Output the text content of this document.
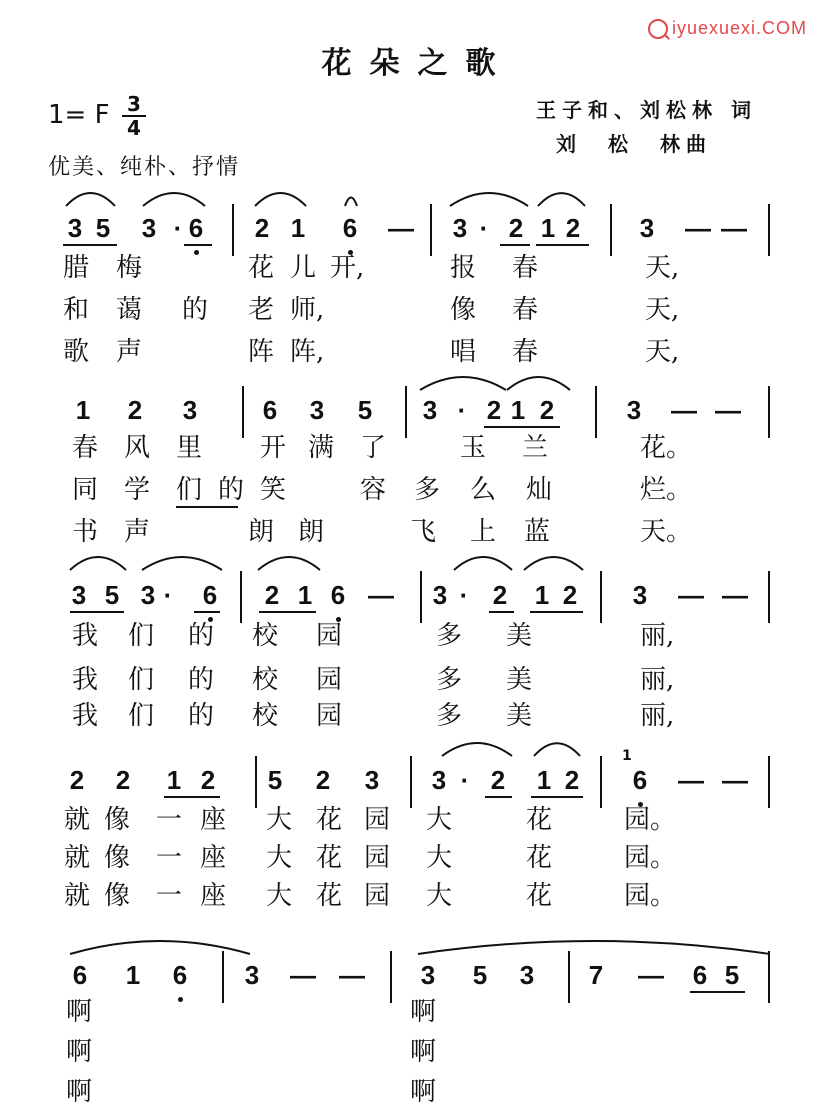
iyuexuexi.COM
花朵之歌
1= F 3
4
优美、纯朴、抒情
王子和、刘松林 词
刘　松　林曲
3 5 3 · 6 2 1 6 — 3 · 2 1 2 3 — —
腊 梅	花 儿 开,	报 春	天,
和 蔼 的 老 师,	像 春	天,
歌 声	阵 阵,	唱 春	天,
1 2 3	6 3 5 3 · 2 1 2	3 — —
春 风 里 开 满 了	玉 兰	花。
同 学 们 的 笑	容 多 么 灿	烂。
书 声	朗 朗	飞 上 蓝	天。
3 5 3 · 6 2 1 6 — 3 · 2 1 2 3 — —
我 们 的 校 园	多 美	丽,
我 们 的 校 园	多 美	丽,
我 们 的 校 园	多 美	丽,
2 2 1 2 5 2 3 3 · 2 1 2 6 — —
1
就 像 一 座 大 花 园 大	花	园。
就 像 一 座 大 花 园 大	花	园。
就 像 一 座 大 花 园 大	花	园。
6 1 6 3 — — 3 5 3 7 — 6 5
啊	啊
啊	啊
啊	啊
